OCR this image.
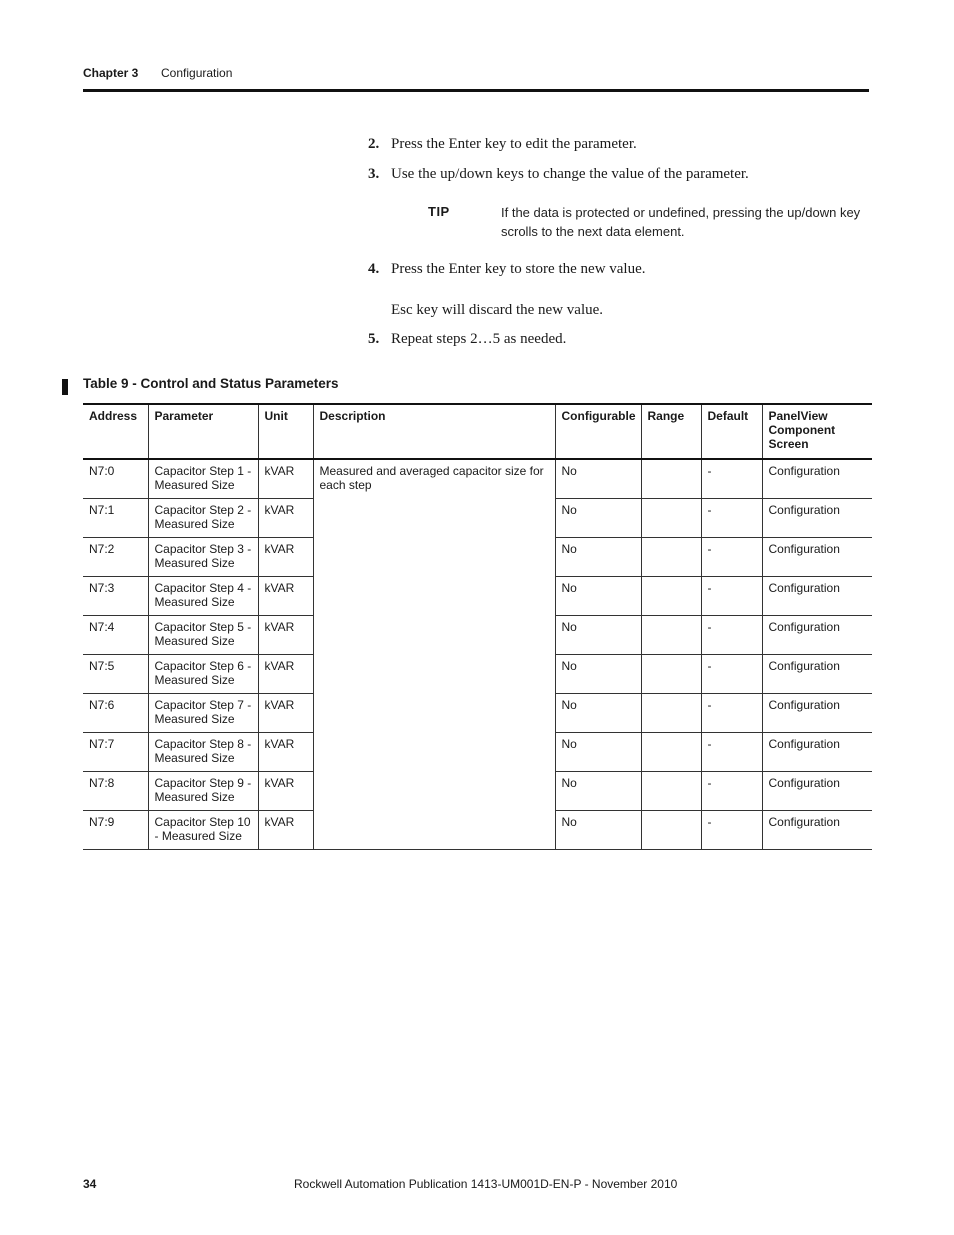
Chapter 3 Configuration
2. Press the Enter key to edit the parameter.
3. Use the up/down keys to change the value of the parameter.
TIP	If the data is protected or undefined, pressing the up/down key scrolls to the next data element.
4. Press the Enter key to store the new value.
Esc key will discard the new value.
5. Repeat steps 2…5 as needed.
Table 9 - Control and Status Parameters
Address	Parameter	Unit	Description	Configurable	Range	Default	PanelView Component Screen
N7:0	Capacitor Step 1 - Measured Size	kVAR	Measured and averaged capacitor size for each step	No		-	Configuration
N7:1	Capacitor Step 2 - Measured Size	kVAR		No		-	Configuration
N7:2	Capacitor Step 3 - Measured Size	kVAR		No		-	Configuration
N7:3	Capacitor Step 4 - Measured Size	kVAR		No		-	Configuration
N7:4	Capacitor Step 5 - Measured Size	kVAR		No		-	Configuration
N7:5	Capacitor Step 6 - Measured Size	kVAR		No		-	Configuration
N7:6	Capacitor Step 7 - Measured Size	kVAR		No		-	Configuration
N7:7	Capacitor Step 8 - Measured Size	kVAR		No		-	Configuration
N7:8	Capacitor Step 9 - Measured Size	kVAR		No		-	Configuration
N7:9	Capacitor Step 10 - Measured Size	kVAR		No		-	Configuration
34	Rockwell Automation Publication 1413-UM001D-EN-P - November 2010
